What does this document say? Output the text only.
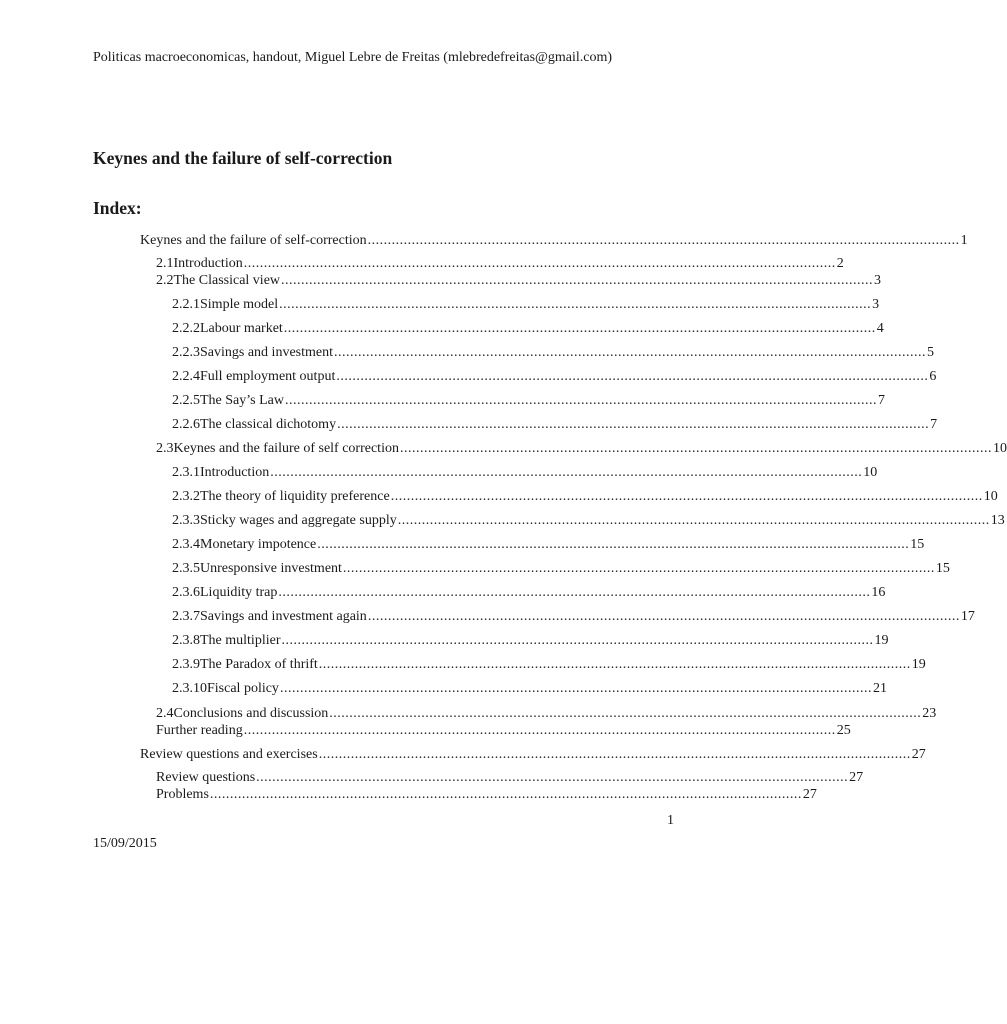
Politicas macroeconomicas, handout, Miguel Lebre de Freitas (mlebredefreitas@gmail.com)
Keynes and the failure of self-correction
Index:
Keynes and the failure of self-correction .................................................................................................................................................... 1
2.1 Introduction .................................................................................................................................................... 2
2.2 The Classical view .................................................................................................................................................... 3
2.2.1 Simple model .................................................................................................................................................... 3
2.2.2 Labour market .................................................................................................................................................... 4
2.2.3 Savings and investment .................................................................................................................................................... 5
2.2.4 Full employment output .................................................................................................................................................... 6
2.2.5 The Say’s Law .................................................................................................................................................... 7
2.2.6 The classical dichotomy .................................................................................................................................................... 7
2.3 Keynes and the failure of self correction .................................................................................................................................................... 10
2.3.1 Introduction .................................................................................................................................................... 10
2.3.2 The theory of liquidity preference .................................................................................................................................................... 10
2.3.3 Sticky wages and aggregate supply .................................................................................................................................................... 13
2.3.4 Monetary impotence .................................................................................................................................................... 15
2.3.5 Unresponsive investment .................................................................................................................................................... 15
2.3.6 Liquidity trap .................................................................................................................................................... 16
2.3.7 Savings and investment again .................................................................................................................................................... 17
2.3.8 The multiplier .................................................................................................................................................... 19
2.3.9 The Paradox of thrift .................................................................................................................................................... 19
2.3.10 Fiscal policy .................................................................................................................................................... 21
2.4 Conclusions and discussion .................................................................................................................................................... 23
Further reading .................................................................................................................................................... 25
Review questions and exercises .................................................................................................................................................... 27
Review questions .................................................................................................................................................... 27
Problems .................................................................................................................................................... 27
1
15/09/2015
